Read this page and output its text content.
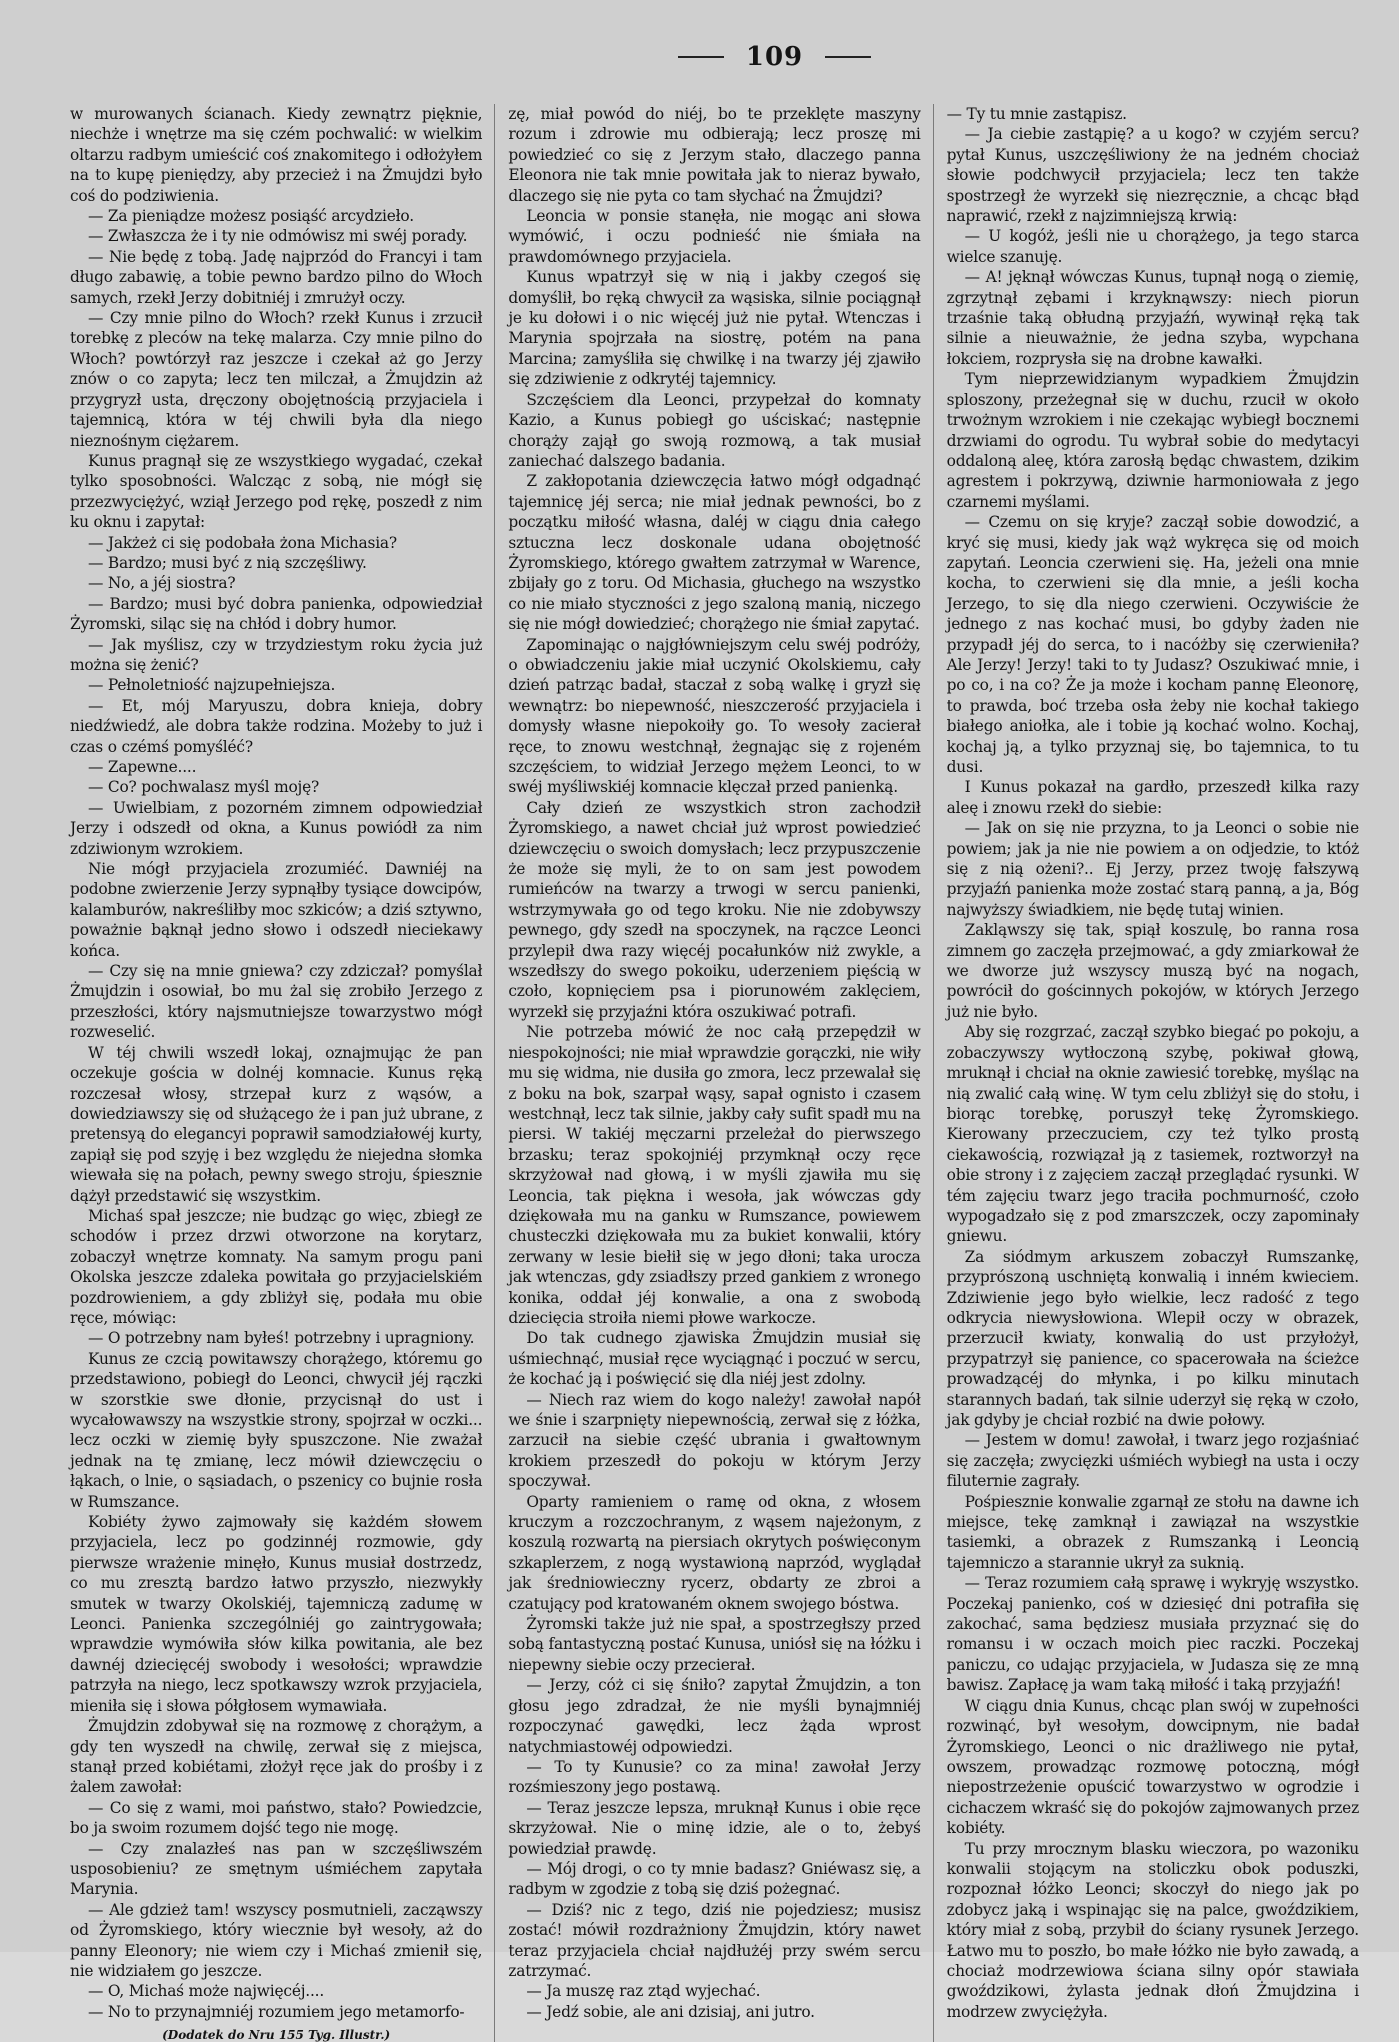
109

w murowanych ścianach. Kiedy zewnątrz pięknie, niechże i wnętrze ma się czém pochwalić: w wielkim oltarzu radbym umieścić coś znakomitego i odłożyłem na to kupę pieniędzy, aby przecież i na Żmujdzi było coś do podziwienia.

— Za pieniądze możesz posiąść arcydzieło.

— Zwłaszcza że i ty nie odmówisz mi swéj porady.

— Nie będę z tobą. Jadę najprzód do Francyi i tam długo zabawię, a tobie pewno bardzo pilno do Włoch samych, rzekł Jerzy dobitniéj i zmrużył oczy.

— Czy mnie pilno do Włoch? rzekł Kunus i zrzucił torebkę z pleców na tekę malarza. Czy mnie pilno do Włoch? powtórzył raz jeszcze i czekał aż go Jerzy znów o co zapyta; lecz ten milczał, a Żmujdzin aż przygryzł usta, dręczony obojętnością przyjaciela i tajemnicą, która w téj chwili była dla niego nieznośnym ciężarem.

Kunus pragnął się ze wszystkiego wygadać, czekał tylko sposobności. Walcząc z sobą, nie mógł się przezwyciężyć, wziął Jerzego pod rękę, poszedł z nim ku oknu i zapytał:

— Jakżeż ci się podobała żona Michasia?

— Bardzo; musi być z nią szczęśliwy.

— No, a jéj siostra?

— Bardzo; musi być dobra panienka, odpowiedział Żyromski, siląc się na chłód i dobry humor.

— Jak myślisz, czy w trzydziestym roku życia już można się żenić?

— Pełnoletniość najzupełniejsza.

— Et, mój Maryuszu, dobra knieja, dobry niedźwiedź, ale dobra także rodzina. Możeby to już i czas o czémś pomyśléć?

— Zapewne....

— Co? pochwalasz myśl moję?

— Uwielbiam, z pozorném zimnem odpowiedział Jerzy i odszedł od okna, a Kunus powiódł za nim zdziwionym wzrokiem.

Nie mógł przyjaciela zrozumiéć. Dawniéj na podobne zwierzenie Jerzy sypnąłby tysiące dowcipów, kalamburów, nakreśliłby moc szkiców; a dziś sztywno, poważnie bąknął jedno słowo i odszedł nieciekawy końca.

— Czy się na mnie gniewa? czy zdziczał? pomyślał Żmujdzin i osowiał, bo mu żal się zrobiło Jerzego z przeszłości, który najsmutniejsze towarzystwo mógł rozweselić.

W téj chwili wszedł lokaj, oznajmując że pan oczekuje gościa w dolnéj komnacie. Kunus ręką rozczesał włosy, strzepał kurz z wąsów, a dowiedziawszy się od służącego że i pan już ubrane, z pretensyą do elegancyi poprawił samodziałowéj kurty, zapiął się pod szyję i bez względu że niejedna słomka wiewała się na połach, pewny swego stroju, śpiesznie dążył przedstawić się wszystkim.

Michaś spał jeszcze; nie budząc go więc, zbiegł ze schodów i przez drzwi otworzone na korytarz, zobaczył wnętrze komnaty. Na samym progu pani Okolska jeszcze zdaleka powitała go przyjacielskiém pozdrowieniem, a gdy zbliżył się, podała mu obie ręce, mówiąc:

— O potrzebny nam byłeś! potrzebny i upragniony.

Kunus ze czcią powitawszy chorążego, któremu go przedstawiono, pobiegł do Leonci, chwycił jéj rączki w szorstkie swe dłonie, przycisnął do ust i wycałowawszy na wszystkie strony, spojrzał w oczki... lecz oczki w ziemię były spuszczone. Nie zważał jednak na tę zmianę, lecz mówił dziewczęciu o łąkach, o lnie, o sąsiadach, o pszenicy co bujnie rosła w Rumszance.

Kobiéty żywo zajmowały się każdém słowem przyjaciela, lecz po godzinnéj rozmowie, gdy pierwsze wrażenie minęło, Kunus musiał dostrzedz, co mu zresztą bardzo łatwo przyszło, niezwykły smutek w twarzy Okolskiéj, tajemniczą zadumę w Leonci. Panienka szczególniéj go zaintrygowała; wprawdzie wymówiła słów kilka powitania, ale bez dawnéj dziecięcéj swobody i wesołości; wprawdzie patrzyła na niego, lecz spotkawszy wzrok przyjaciela, mieniła się i słowa półgłosem wymawiała.

Żmujdzin zdobywał się na rozmowę z chorążym, a gdy ten wyszedł na chwilę, zerwał się z miejsca, stanął przed kobiétami, złożył ręce jak do prośby i z żalem zawołał:

— Co się z wami, moi państwo, stało? Powiedzcie, bo ja swoim rozumem dojść tego nie mogę.

— Czy znalazłeś nas pan w szczęśliwszém usposobieniu? ze smętnym uśmiéchem zapytała Marynia.

— Ale gdzież tam! wszyscy posmutnieli, zacząwszy od Żyromskiego, który wiecznie był wesoły, aż do panny Eleonory; nie wiem czy i Michaś zmienił się, nie widziałem go jeszcze.

— O, Michaś może najwięcéj....

— No to przynajmniéj rozumiem jego metamorfo-

(Dodatek do Nru 155 Tyg. Illustr.)

zę, miał powód do niéj, bo te przeklęte maszyny rozum i zdrowie mu odbierają; lecz proszę mi powiedzieć co się z Jerzym stało, dlaczego panna Eleonora nie tak mnie powitała jak to nieraz bywało, dlaczego się nie pyta co tam słychać na Żmujdzi?

Leoncia w ponsie stanęła, nie mogąc ani słowa wymówić, i oczu podnieść nie śmiała na prawdomównego przyjaciela.

Kunus wpatrzył się w nią i jakby czegoś się domyślił, bo ręką chwycił za wąsiska, silnie pociągnął je ku dołowi i o nic więcéj już nie pytał. Wtenczas i Marynia spojrzała na siostrę, potém na pana Marcina; zamyśliła się chwilkę i na twarzy jéj zjawiło się zdziwienie z odkrytéj tajemnicy.

Szczęściem dla Leonci, przypełzał do komnaty Kazio, a Kunus pobiegł go uściskać; następnie chorąży zajął go swoją rozmową, a tak musiał zaniechać dalszego badania.

Z zakłopotania dziewczęcia łatwo mógł odgadnąć tajemnicę jéj serca; nie miał jednak pewności, bo z początku miłość własna, daléj w ciągu dnia całego sztuczna lecz doskonale udana obojętność Żyromskiego, którego gwałtem zatrzymał w Warence, zbijały go z toru. Od Michasia, głuchego na wszystko co nie miało styczności z jego szaloną manią, niczego się nie mógł dowiedzieć; chorążego nie śmiał zapytać.

Zapominając o najgłówniejszym celu swéj podróży, o obwiadczeniu jakie miał uczynić Okolskiemu, cały dzień patrząc badał, staczał z sobą walkę i gryzł się wewnątrz: bo niepewność, nieszczerość przyjaciela i domysły własne niepokoiły go. To wesoły zacierał ręce, to znowu westchnął, żegnając się z rojeném szczęściem, to widział Jerzego mężem Leonci, to w swéj myśliwskiéj komnacie klęczał przed panienką.

Cały dzień ze wszystkich stron zachodził Żyromskiego, a nawet chciał już wprost powiedzieć dziewczęciu o swoich domysłach; lecz przypuszczenie że może się myli, że to on sam jest powodem rumieńców na twarzy a trwogi w sercu panienki, wstrzymywała go od tego kroku. Nie nie zdobywszy pewnego, gdy szedł na spoczynek, na rączce Leonci przylepił dwa razy więcéj pocałunków niż zwykle, a wszedłszy do swego pokoiku, uderzeniem pięścią w czoło, kopnięciem psa i piorunowém zaklęciem, wyrzekł się przyjaźni która oszukiwać potrafi.

Nie potrzeba mówić że noc całą przepędził w niespokojności; nie miał wprawdzie gorączki, nie wiły mu się widma, nie dusiła go zmora, lecz przewalał się z boku na bok, szarpał wąsy, sapał ognisto i czasem westchnął, lecz tak silnie, jakby cały sufit spadł mu na piersi. W takiéj męczarni przeleżał do pierwszego brzasku; teraz spokojniéj przymknął oczy ręce skrzyżował nad głową, i w myśli zjawiła mu się Leoncia, tak piękna i wesoła, jak wówczas gdy dziękowała mu na ganku w Rumszance, powiewem chusteczki dziękowała mu za bukiet konwalii, który zerwany w lesie biełił się w jego dłoni; taka urocza jak wtenczas, gdy zsiadłszy przed gankiem z wronego konika, oddał jéj konwalie, a ona z swobodą dziecięcia stroiła niemi płowe warkocze.

Do tak cudnego zjawiska Żmujdzin musiał się uśmiechnąć, musiał ręce wyciągnąć i poczuć w sercu, że kochać ją i poświęcić się dla niéj jest zdolny.

— Niech raz wiem do kogo należy! zawołał napół we śnie i szarpnięty niepewnością, zerwał się z łóżka, zarzucił na siebie część ubrania i gwałtownym krokiem przeszedł do pokoju w którym Jerzy spoczywał.

Oparty ramieniem o ramę od okna, z włosem kruczym a rozczochranym, z wąsem najeżonym, z koszulą rozwartą na piersiach okrytych poświęconym szkaplerzem, z nogą wystawioną naprzód, wyglądał jak średniowieczny rycerz, obdarty ze zbroi a czatujący pod kratowaném oknem swojego bóstwa.

Żyromski także już nie spał, a spostrzegłszy przed sobą fantastyczną postać Kunusa, uniósł się na łóżku i niepewny siebie oczy przecierał.

— Jerzy, cóż ci się śniło? zapytał Żmujdzin, a ton głosu jego zdradzał, że nie myśli bynajmniéj rozpoczynać gawędki, lecz żąda wprost natychmiastowéj odpowiedzi.

— To ty Kunusie? co za mina! zawołał Jerzy rozśmieszony jego postawą.

— Teraz jeszcze lepsza, mruknął Kunus i obie ręce skrzyżował. Nie o minę idzie, ale o to, żebyś powiedział prawdę.

— Mój drogi, o co ty mnie badasz? Gniéwasz się, a radbym w zgodzie z tobą się dziś pożegnać.

— Dziś? nic z tego, dziś nie pojedziesz; musisz zostać! mówił rozdrażniony Żmujdzin, który nawet teraz przyjaciela chciał najdłużéj przy swém sercu zatrzymać.

— Ja muszę raz ztąd wyjechać.

— Jedź sobie, ale ani dzisiaj, ani jutro.

— Ty tu mnie zastąpisz.

— Ja ciebie zastąpię? a u kogo? w czyjém sercu? pytał Kunus, uszczęśliwiony że na jedném chociaż słowie podchwycił przyjaciela; lecz ten także spostrzegł że wyrzekł się niezręcznie, a chcąc błąd naprawić, rzekł z najzimniejszą krwią:

— U kogóż, jeśli nie u chorążego, ja tego starca wielce szanuję.

— A! jęknął wówczas Kunus, tupnął nogą o ziemię, zgrzytnął zębami i krzyknąwszy: niech piorun trzaśnie taką obłudną przyjaźń, wywinął ręką tak silnie a nieuważnie, że jedna szyba, wypchana łokciem, rozprysła się na drobne kawałki.

Tym nieprzewidzianym wypadkiem Żmujdzin sploszony, przeżegnał się w duchu, rzucił w około trwożnym wzrokiem i nie czekając wybiegł bocznemi drzwiami do ogrodu. Tu wybrał sobie do medytacyi oddaloną aleę, która zarosłą będąc chwastem, dzikim agrestem i pokrzywą, dziwnie harmoniowała z jego czarnemi myślami.

— Czemu on się kryje? zaczął sobie dowodzić, a kryć się musi, kiedy jak wąż wykręca się od moich zapytań. Leoncia czerwieni się. Ha, jeżeli ona mnie kocha, to czerwieni się dla mnie, a jeśli kocha Jerzego, to się dla niego czerwieni. Oczywiście że jednego z nas kochać musi, bo gdyby żaden nie przypadł jéj do serca, to i nacóżby się czerwieniła? Ale Jerzy! Jerzy! taki to ty Judasz? Oszukiwać mnie, i po co, i na co? Że ja może i kocham pannę Eleonorę, to prawda, boć trzeba osła żeby nie kochał takiego białego aniołka, ale i tobie ją kochać wolno. Kochaj, kochaj ją, a tylko przyznaj się, bo tajemnica, to tu dusi.

I Kunus pokazał na gardło, przeszedł kilka razy aleę i znowu rzekł do siebie:

— Jak on się nie przyzna, to ja Leonci o sobie nie powiem; jak ja nie nie powiem a on odjedzie, to któż się z nią ożeni?.. Ej Jerzy, przez twoję fałszywą przyjaźń panienka może zostać starą panną, a ja, Bóg najwyższy świadkiem, nie będę tutaj winien.

Zakląwszy się tak, spiął koszulę, bo ranna rosa zimnem go zaczęła przejmować, a gdy zmiarkował że we dworze już wszyscy muszą być na nogach, powrócił do gościnnych pokojów, w których Jerzego już nie było.

Aby się rozgrzać, zaczął szybko biegać po pokoju, a zobaczywszy wytłoczoną szybę, pokiwał głową, mruknął i chciał na oknie zawiesić torebkę, myśląc na nią zwalić całą winę. W tym celu zbliżył się do stołu, i biorąc torebkę, poruszył tekę Żyromskiego. Kierowany przeczuciem, czy też tylko prostą ciekawością, rozwiązał ją z tasiemek, roztworzył na obie strony i z zajęciem zaczął przeglądać rysunki. W tém zajęciu twarz jego traciła pochmurność, czoło wypogadzało się z pod zmarszczek, oczy zapominały gniewu.

Za siódmym arkuszem zobaczył Rumszankę, przyprószoną uschniętą konwalią i inném kwieciem. Zdziwienie jego było wielkie, lecz radość z tego odkrycia niewysłowiona. Wlepił oczy w obrazek, przerzucił kwiaty, konwalią do ust przyłożył, przypatrzył się panience, co spacerowała na ścieżce prowadzącéj do młynka, i po kilku minutach starannych badań, tak silnie uderzył się ręką w czoło, jak gdyby je chciał rozbić na dwie połowy.

— Jestem w domu! zawołał, i twarz jego rozjaśniać się zaczęła; zwycięzki uśmiéch wybiegł na usta i oczy filuternie zagrały.

Pośpiesznie konwalie zgarnął ze stołu na dawne ich miejsce, tekę zamknął i zawiązał na wszystkie tasiemki, a obrazek z Rumszanką i Leoncią tajemniczo a starannie ukrył za suknią.

— Teraz rozumiem całą sprawę i wykryję wszystko. Poczekaj panienko, coś w dziesięć dni potrafiła się zakochać, sama będziesz musiała przyznać się do romansu i w oczach moich piec raczki. Poczekaj paniczu, co udając przyjaciela, w Judasza się ze mną bawisz. Zapłacę ja wam taką miłość i taką przyjaźń!

W ciągu dnia Kunus, chcąc plan swój w zupełności rozwinąć, był wesołym, dowcipnym, nie badał Żyromskiego, Leonci o nic drażliwego nie pytał, owszem, prowadząc rozmowę potoczną, mógł niepostrzeżenie opuścić towarzystwo w ogrodzie i cichaczem wkraść się do pokojów zajmowanych przez kobiéty.

Tu przy mrocznym blasku wieczora, po wazoniku konwalii stojącym na stoliczku obok poduszki, rozpoznał łóżko Leonci; skoczył do niego jak po zdobycz jaką i wspinając się na palce, gwoździkiem, który miał z sobą, przybił do ściany rysunek Jerzego. Łatwo mu to poszło, bo małe łóżko nie było zawadą, a chociaż modrzewiowa ściana silny opór stawiała gwoździkowi, żylasta jednak dłoń Żmujdzina i modrzew zwyciężyła.
